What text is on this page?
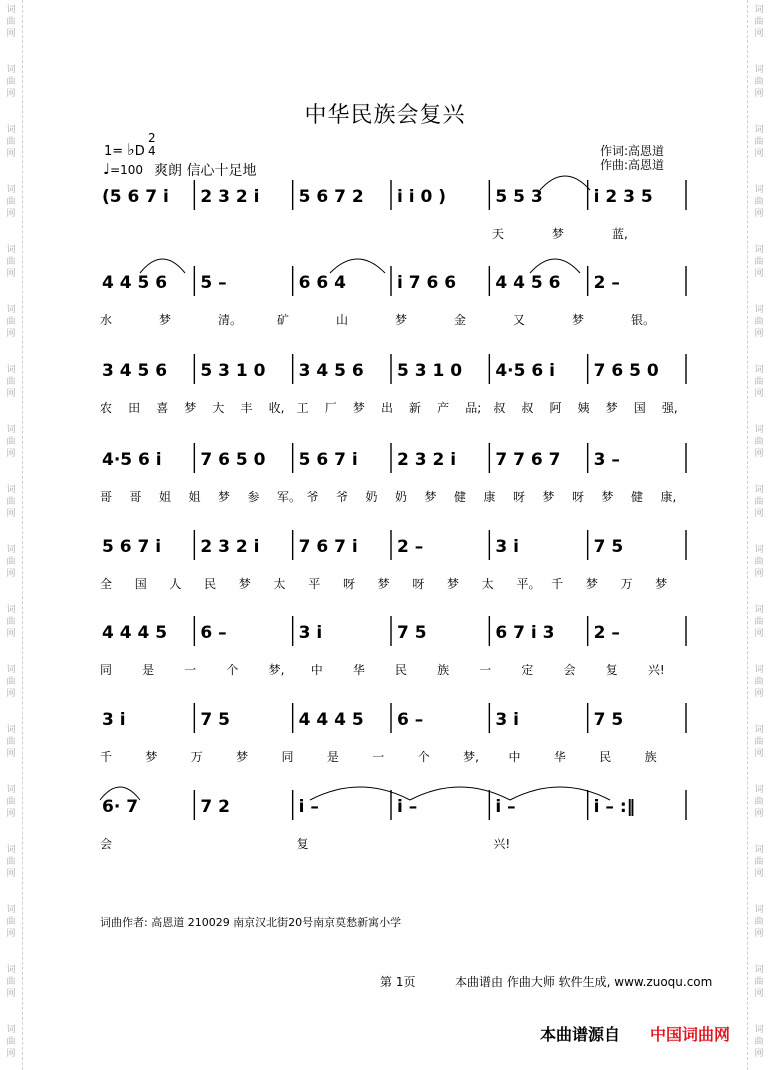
词
曲
网
词
曲
网
词
曲
网
词
曲
网
词
曲
网
词
曲
网
词
曲
网
词
曲
网
词
曲
网
词
曲
网
词
曲
网
词
曲
网
词
曲
网
词
曲
网
词
曲
网
词
曲
网
词
曲
网
词
曲
网
词
曲
网
词
曲
网
词
曲
网
词
曲
网
词
曲
网
词
曲
网
词
曲
网
词
曲
网
词
曲
网
词
曲
网
词
曲
网
词
曲
网
词
曲
网
词
曲
网
词
曲
网
词
曲
网
词
曲
网
词
曲
网
中华民族会复兴
1= ♭D
2
4
♩=100 爽朗 信心十足地
作词:高恩道
作曲:高恩道
(5 6 7 i 2 3 2 i 5 6 7 2 i i 0 )	5 5 3	i 2 3 5
天	梦	蓝,
4 4 5 6 5 –	6 6 4	i 7 6 6 4 4 5 6 2 –
水	梦	清。	矿	山	梦	金	又	梦	银。
3 4 5 6 5 3 1 0 3 4 5 6 5 3 1 0 4·5 6 i 7 6 5 0
农 田 喜 梦 大 丰 收, 工 厂 梦 出 新 产 品; 叔 叔 阿 姨 梦 国 强,
4·5 6 i 7 6 5 0 5 6 7 i 2 3 2 i 7 7 6 7 3 –
哥 哥 姐 姐 梦 参 军。 爷 爷 奶 奶 梦 健 康 呀 梦 呀 梦 健 康,
5 6 7 i 2 3 2 i 7 6 7 i 2 –	3 i	7 5
全 国 人 民 梦 太 平 呀 梦 呀 梦 太 平。 千 梦 万 梦
4 4 4 5 6 –	3 i	7 5	6 7 i 3 2 –
同	是	一	个	梦, 中	华	民	族	一	定	会	复	兴!
3 i	7 5	4 4 4 5 6 –	3 i	7 5
千	梦	万	梦	同	是	一	个	梦, 中	华	民	族
6· 7	7 2	i –	i –	i –	i – :‖
会	复	兴!
词曲作者: 高恩道 210029 南京汉北街20号南京莫愁新寓小学
第 1页	本曲谱由 作曲大师 软件生成, www.zuoqu.com
本曲谱源自 中国词曲网
